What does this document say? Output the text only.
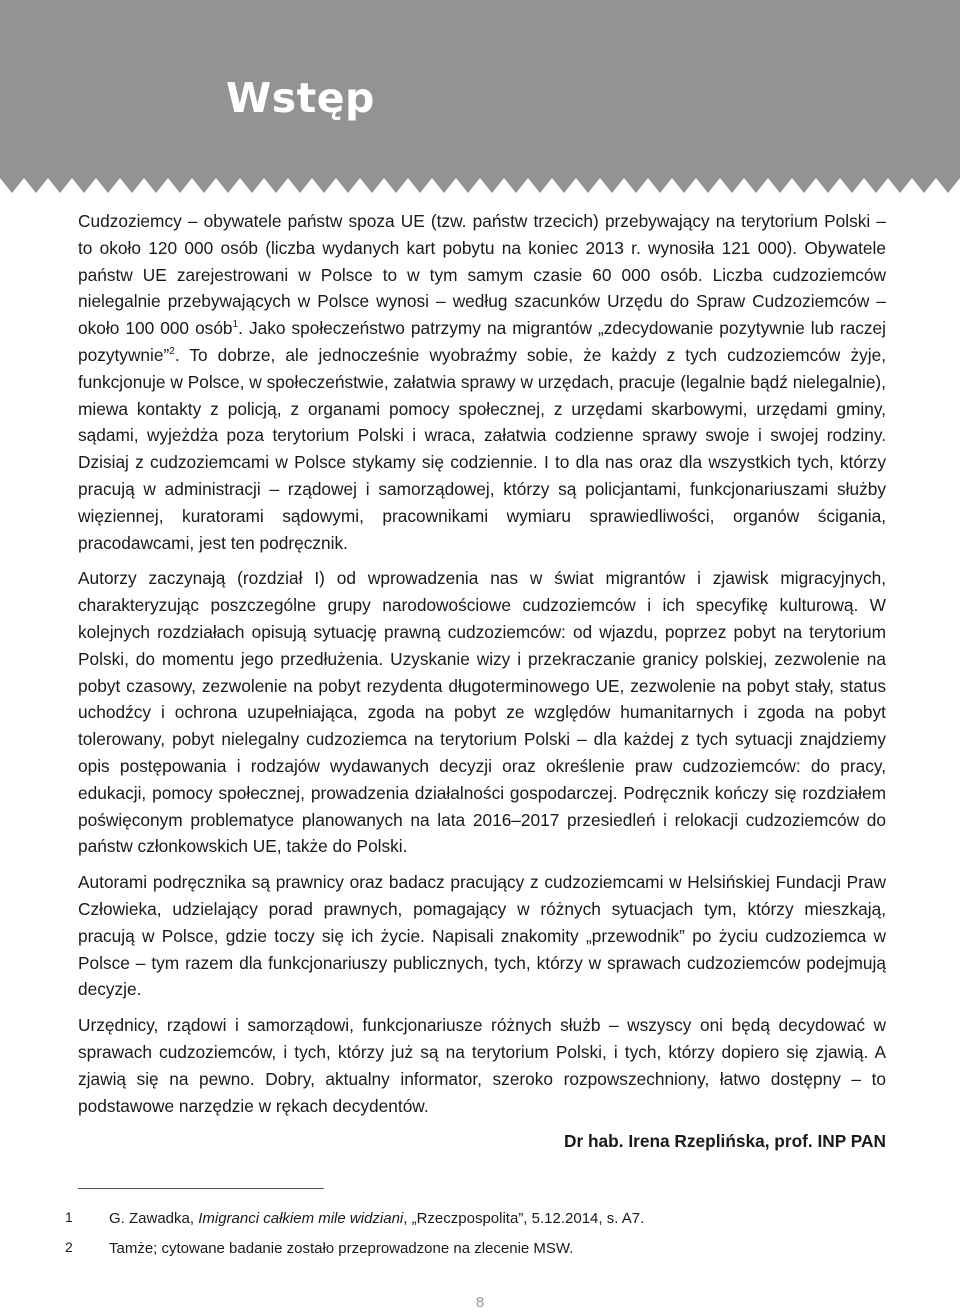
Wstęp

Cudzoziemcy – obywatele państw spoza UE (tzw. państw trzecich) przebywający na terytorium Polski – to około 120 000 osób (liczba wydanych kart pobytu na koniec 2013 r. wynosiła 121 000). Obywatele państw UE zarejestrowani w Polsce to w tym samym czasie 60 000 osób. Liczba cudzoziemców nielegalnie przebywających w Polsce wynosi – według szacunków Urzędu do Spraw Cudzoziemców – około 100 000 osób$^1$. Jako społeczeństwo patrzymy na migrantów „zdecydowanie pozytywnie lub raczej pozytywnie”$^2$. To dobrze, ale jednocześnie wyobraźmy sobie, że każdy z tych cudzoziemców żyje, funkcjonuje w Polsce, w społeczeństwie, załatwia sprawy w urzędach, pracuje (legalnie bądź nielegalnie), miewa kontakty z policją, z organami pomocy społecznej, z urzędami skarbowymi, urzędami gminy, sądami, wyjeżdża poza terytorium Polski i wraca, załatwia codzienne sprawy swoje i swojej rodziny. Dzisiaj z cudzoziemcami w Polsce stykamy się codziennie. I to dla nas oraz dla wszystkich tych, którzy pracują w administracji – rządowej i samorządowej, którzy są policjantami, funkcjonariuszami służby więziennej, kuratorami sądowymi, pracownikami wymiaru sprawiedliwości, organów ścigania, pracodawcami, jest ten podręcznik.

Autorzy zaczynają (rozdział I) od wprowadzenia nas w świat migrantów i zjawisk migracyjnych, charakteryzując poszczególne grupy narodowościowe cudzoziemców i ich specyfikę kulturową. W kolejnych rozdziałach opisują sytuację prawną cudzoziemców: od wjazdu, poprzez pobyt na terytorium Polski, do momentu jego przedłużenia. Uzyskanie wizy i przekraczanie granicy polskiej, zezwolenie na pobyt czasowy, zezwolenie na pobyt rezydenta długoterminowego UE, zezwolenie na pobyt stały, status uchodźcy i ochrona uzupełniająca, zgoda na pobyt ze względów humanitarnych i zgoda na pobyt tolerowany, pobyt nielegalny cudzoziemca na terytorium Polski – dla każdej z tych sytuacji znajdziemy opis postępowania i rodzajów wydawanych decyzji oraz określenie praw cudzoziemców: do pracy, edukacji, pomocy społecznej, prowadzenia działalności gospodarczej. Podręcznik kończy się rozdziałem poświęconym problematyce planowanych na lata 2016–2017 przesiedleń i relokacji cudzoziemców do państw członkowskich UE, także do Polski.

Autorami podręcznika są prawnicy oraz badacz pracujący z cudzoziemcami w Helsińskiej Fundacji Praw Człowieka, udzielający porad prawnych, pomagający w różnych sytuacjach tym, którzy mieszkają, pracują w Polsce, gdzie toczy się ich życie. Napisali znakomity „przewodnik” po życiu cudzoziemca w Polsce – tym razem dla funkcjonariuszy publicznych, tych, którzy w sprawach cudzoziemców podejmują decyzje.

Urzędnicy, rządowi i samorządowi, funkcjonariusze różnych służb – wszyscy oni będą decydować w sprawach cudzoziemców, i tych, którzy już są na terytorium Polski, i tych, którzy dopiero się zjawią. A zjawią się na pewno. Dobry, aktualny informator, szeroko rozpowszechniony, łatwo dostępny – to podstawowe narzędzie w rękach decydentów.

Dr hab. Irena Rzeplińska, prof. INP PAN
1 G. Zawadka, Imigranci całkiem mile widziani, „Rzeczpospolita”, 5.12.2014, s. A7.
2 Tamże; cytowane badanie zostało przeprowadzone na zlecenie MSW.
8
